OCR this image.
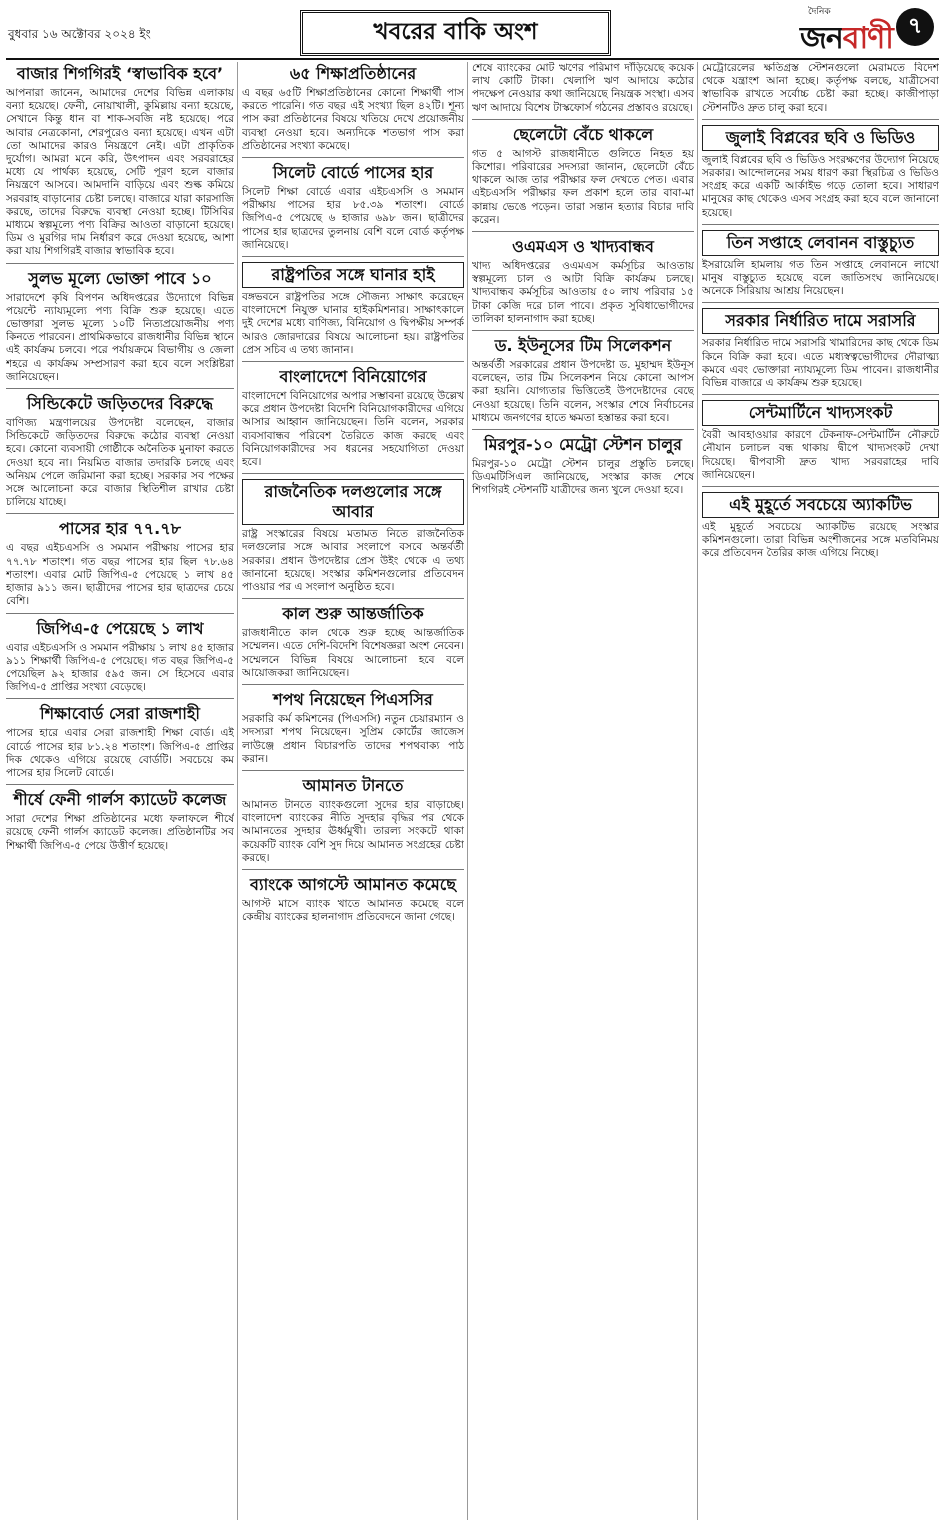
বুধবার ১৬ অক্টোবর ২০২৪ ইং	খবরের বাকি অংশ
দৈনিক
জনবাণী ৭
বাজার শিগগিরই ‘স্বাভাবিক হবে’

আপনারা জানেন, আমাদের দেশের বিভিন্ন এলাকায় বন্যা হয়েছে। ফেনী, নোয়াখালী, কুমিল্লায় বন্যা হয়েছে, সেখানে কিন্তু ধান বা শাক-সবজি নষ্ট হয়েছে। পরে আবার নেত্রকোনা, শেরপুরেও বন্যা হয়েছে। এখন এটা তো আমাদের কারও নিয়ন্ত্রণে নেই। এটা প্রাকৃতিক দুর্যোগ। আমরা মনে করি, উৎপাদন এবং সরবরাহের মধ্যে যে পার্থক্য হয়েছে, সেটি পূরণ হলে বাজার নিয়ন্ত্রণে আসবে। আমদানি বাড়িয়ে এবং শুল্ক কমিয়ে সরবরাহ বাড়ানোর চেষ্টা চলছে। বাজারে যারা কারসাজি করছে, তাদের বিরুদ্ধে ব্যবস্থা নেওয়া হচ্ছে। টিসিবির মাধ্যমে স্বল্পমূল্যে পণ্য বিক্রির আওতা বাড়ানো হয়েছে। ডিম ও মুরগির দাম নির্ধারণ করে দেওয়া হয়েছে, আশা করা যায় শিগগিরই বাজার স্বাভাবিক হবে।

সুলভ মূল্যে ভোক্তা পাবে ১০

সারাদেশে কৃষি বিপণন অধিদপ্তরের উদ্যোগে বিভিন্ন পয়েন্টে ন্যায্যমূল্যে পণ্য বিক্রি শুরু হয়েছে। এতে ভোক্তারা সুলভ মূল্যে ১০টি নিত্যপ্রয়োজনীয় পণ্য কিনতে পারবেন। প্রাথমিকভাবে রাজধানীর বিভিন্ন স্থানে এই কার্যক্রম চলবে। পরে পর্যায়ক্রমে বিভাগীয় ও জেলা শহরে এ কার্যক্রম সম্প্রসারণ করা হবে বলে সংশ্লিষ্টরা জানিয়েছেন।

সিন্ডিকেটে জড়িতদের বিরুদ্ধে

বাণিজ্য মন্ত্রণালয়ের উপদেষ্টা বলেছেন, বাজার সিন্ডিকেটে জড়িতদের বিরুদ্ধে কঠোর ব্যবস্থা নেওয়া হবে। কোনো ব্যবসায়ী গোষ্ঠীকে অনৈতিক মুনাফা করতে দেওয়া হবে না। নিয়মিত বাজার তদারকি চলছে এবং অনিয়ম পেলে জরিমানা করা হচ্ছে। সরকার সব পক্ষের সঙ্গে আলোচনা করে বাজার স্থিতিশীল রাখার চেষ্টা চালিয়ে যাচ্ছে।

পাসের হার ৭৭.৭৮

এ বছর এইচএসসি ও সমমান পরীক্ষায় পাসের হার ৭৭.৭৮ শতাংশ। গত বছর পাসের হার ছিল ৭৮.৬৪ শতাংশ। এবার মোট জিপিএ-৫ পেয়েছে ১ লাখ ৪৫ হাজার ৯১১ জন। ছাত্রীদের পাসের হার ছাত্রদের চেয়ে বেশি।

জিপিএ-৫ পেয়েছে ১ লাখ

এবার এইচএসসি ও সমমান পরীক্ষায় ১ লাখ ৪৫ হাজার ৯১১ শিক্ষার্থী জিপিএ-৫ পেয়েছে। গত বছর জিপিএ-৫ পেয়েছিল ৯২ হাজার ৫৯৫ জন। সে হিসেবে এবার জিপিএ-৫ প্রাপ্তির সংখ্যা বেড়েছে।

শিক্ষাবোর্ড সেরা রাজশাহী

পাসের হারে এবার সেরা রাজশাহী শিক্ষা বোর্ড। এই বোর্ডে পাসের হার ৮১.২৪ শতাংশ। জিপিএ-৫ প্রাপ্তির দিক থেকেও এগিয়ে রয়েছে বোর্ডটি। সবচেয়ে কম পাসের হার সিলেট বোর্ডে।

শীর্ষে ফেনী গার্লস ক্যাডেট কলেজ

সারা দেশের শিক্ষা প্রতিষ্ঠানের মধ্যে ফলাফলে শীর্ষে রয়েছে ফেনী গার্লস ক্যাডেট কলেজ। প্রতিষ্ঠানটির সব শিক্ষার্থী জিপিএ-৫ পেয়ে উত্তীর্ণ হয়েছে।

৬৫ শিক্ষাপ্রতিষ্ঠানের

এ বছর ৬৫টি শিক্ষাপ্রতিষ্ঠানের কোনো শিক্ষার্থী পাস করতে পারেনি। গত বছর এই সংখ্যা ছিল ৪২টি। শূন্য পাস করা প্রতিষ্ঠানের বিষয়ে খতিয়ে দেখে প্রয়োজনীয় ব্যবস্থা নেওয়া হবে। অন্যদিকে শতভাগ পাস করা প্রতিষ্ঠানের সংখ্যা কমেছে।

সিলেট বোর্ডে পাসের হার

সিলেট শিক্ষা বোর্ডে এবার এইচএসসি ও সমমান পরীক্ষায় পাসের হার ৮৫.৩৯ শতাংশ। বোর্ডে জিপিএ-৫ পেয়েছে ৬ হাজার ৬৯৮ জন। ছাত্রীদের পাসের হার ছাত্রদের তুলনায় বেশি বলে বোর্ড কর্তৃপক্ষ জানিয়েছে।

রাষ্ট্রপতির সঙ্গে ঘানার হাই

বঙ্গভবনে রাষ্ট্রপতির সঙ্গে সৌজন্য সাক্ষাৎ করেছেন বাংলাদেশে নিযুক্ত ঘানার হাইকমিশনার। সাক্ষাৎকালে দুই দেশের মধ্যে বাণিজ্য, বিনিয়োগ ও দ্বিপক্ষীয় সম্পর্ক আরও জোরদারের বিষয়ে আলোচনা হয়। রাষ্ট্রপতির প্রেস সচিব এ তথ্য জানান।

বাংলাদেশে বিনিয়োগের

বাংলাদেশে বিনিয়োগের অপার সম্ভাবনা রয়েছে উল্লেখ করে প্রধান উপদেষ্টা বিদেশি বিনিয়োগকারীদের এগিয়ে আসার আহ্বান জানিয়েছেন। তিনি বলেন, সরকার ব্যবসাবান্ধব পরিবেশ তৈরিতে কাজ করছে এবং বিনিয়োগকারীদের সব ধরনের সহযোগিতা দেওয়া হবে।

রাজনৈতিক দলগুলোর সঙ্গে আবার

রাষ্ট্র সংস্কারের বিষয়ে মতামত নিতে রাজনৈতিক দলগুলোর সঙ্গে আবার সংলাপে বসবে অন্তর্বর্তী সরকার। প্রধান উপদেষ্টার প্রেস উইং থেকে এ তথ্য জানানো হয়েছে। সংস্কার কমিশনগুলোর প্রতিবেদন পাওয়ার পর এ সংলাপ অনুষ্ঠিত হবে।

কাল শুরু আন্তর্জাতিক

রাজধানীতে কাল থেকে শুরু হচ্ছে আন্তর্জাতিক সম্মেলন। এতে দেশি-বিদেশি বিশেষজ্ঞরা অংশ নেবেন। সম্মেলনে বিভিন্ন বিষয়ে আলোচনা হবে বলে আয়োজকরা জানিয়েছেন।

শপথ নিয়েছেন পিএসসির

সরকারি কর্ম কমিশনের (পিএসসি) নতুন চেয়ারম্যান ও সদস্যরা শপথ নিয়েছেন। সুপ্রিম কোর্টের জাজেস লাউঞ্জে প্রধান বিচারপতি তাদের শপথবাক্য পাঠ করান।

আমানত টানতে

আমানত টানতে ব্যাংকগুলো সুদের হার বাড়াচ্ছে। বাংলাদেশ ব্যাংকের নীতি সুদহার বৃদ্ধির পর থেকে আমানতের সুদহার ঊর্ধ্বমুখী। তারল্য সংকটে থাকা কয়েকটি ব্যাংক বেশি সুদ দিয়ে আমানত সংগ্রহের চেষ্টা করছে।

ব্যাংকে আগস্টে আমানত কমেছে

আগস্ট মাসে ব্যাংক খাতে আমানত কমেছে বলে কেন্দ্রীয় ব্যাংকের হালনাগাদ প্রতিবেদনে জানা গেছে।

শেষে ব্যাংকের মোট ঋণের পরিমাণ দাঁড়িয়েছে কয়েক লাখ কোটি টাকা। খেলাপি ঋণ আদায়ে কঠোর পদক্ষেপ নেওয়ার কথা জানিয়েছে নিয়ন্ত্রক সংস্থা। এসব ঋণ আদায়ে বিশেষ টাস্কফোর্স গঠনের প্রস্তাবও রয়েছে।

ছেলেটো বেঁচে থাকলে

গত ৫ আগস্ট রাজধানীতে গুলিতে নিহত হয় কিশোর। পরিবারের সদস্যরা জানান, ছেলেটো বেঁচে থাকলে আজ তার পরীক্ষার ফল দেখতে পেত। এবার এইচএসসি পরীক্ষার ফল প্রকাশ হলে তার বাবা-মা কান্নায় ভেঙে পড়েন। তারা সন্তান হত্যার বিচার দাবি করেন।

ওএমএস ও খাদ্যবান্ধব

খাদ্য অধিদপ্তরের ওএমএস কর্মসূচির আওতায় স্বল্পমূল্যে চাল ও আটা বিক্রি কার্যক্রম চলছে। খাদ্যবান্ধব কর্মসূচির আওতায় ৫০ লাখ পরিবার ১৫ টাকা কেজি দরে চাল পাবে। প্রকৃত সুবিধাভোগীদের তালিকা হালনাগাদ করা হচ্ছে।

ড. ইউনূসের টিম সিলেকশন

অন্তর্বর্তী সরকারের প্রধান উপদেষ্টা ড. মুহাম্মদ ইউনূস বলেছেন, তার টিম সিলেকশন নিয়ে কোনো আপস করা হয়নি। যোগ্যতার ভিত্তিতেই উপদেষ্টাদের বেছে নেওয়া হয়েছে। তিনি বলেন, সংস্কার শেষে নির্বাচনের মাধ্যমে জনগণের হাতে ক্ষমতা হস্তান্তর করা হবে।

মিরপুর-১০ মেট্রো স্টেশন চালুর

মিরপুর-১০ মেট্রো স্টেশন চালুর প্রস্তুতি চলছে। ডিএমটিসিএল জানিয়েছে, সংস্কার কাজ শেষে শিগগিরই স্টেশনটি যাত্রীদের জন্য খুলে দেওয়া হবে।

মেট্রোরেলের ক্ষতিগ্রস্ত স্টেশনগুলো মেরামতে বিদেশ থেকে যন্ত্রাংশ আনা হচ্ছে। কর্তৃপক্ষ বলছে, যাত্রীসেবা স্বাভাবিক রাখতে সর্বোচ্চ চেষ্টা করা হচ্ছে। কাজীপাড়া স্টেশনটিও দ্রুত চালু করা হবে।

জুলাই বিপ্লবের ছবি ও ভিডিও

জুলাই বিপ্লবের ছবি ও ভিডিও সংরক্ষণের উদ্যোগ নিয়েছে সরকার। আন্দোলনের সময় ধারণ করা স্থিরচিত্র ও ভিডিও সংগ্রহ করে একটি আর্কাইভ গড়ে তোলা হবে। সাধারণ মানুষের কাছ থেকেও এসব সংগ্রহ করা হবে বলে জানানো হয়েছে।

তিন সপ্তাহে লেবানন বাস্তুচ্যুত

ইসরায়েলি হামলায় গত তিন সপ্তাহে লেবাননে লাখো মানুষ বাস্তুচ্যুত হয়েছে বলে জাতিসংঘ জানিয়েছে। অনেকে সিরিয়ায় আশ্রয় নিয়েছেন।

সরকার নির্ধারিত দামে সরাসরি

সরকার নির্ধারিত দামে সরাসরি খামারিদের কাছ থেকে ডিম কিনে বিক্রি করা হবে। এতে মধ্যস্বত্বভোগীদের দৌরাত্ম্য কমবে এবং ভোক্তারা ন্যায্যমূল্যে ডিম পাবেন। রাজধানীর বিভিন্ন বাজারে এ কার্যক্রম শুরু হয়েছে।

সেন্টমার্টিনে খাদ্যসংকট

বৈরী আবহাওয়ার কারণে টেকনাফ-সেন্টমার্টিন নৌরুটে নৌযান চলাচল বন্ধ থাকায় দ্বীপে খাদ্যসংকট দেখা দিয়েছে। দ্বীপবাসী দ্রুত খাদ্য সরবরাহের দাবি জানিয়েছেন।

এই মুহূর্তে সবচেয়ে অ্যাকটিভ

এই মুহূর্তে সবচেয়ে অ্যাকটিভ রয়েছে সংস্কার কমিশনগুলো। তারা বিভিন্ন অংশীজনের সঙ্গে মতবিনিময় করে প্রতিবেদন তৈরির কাজ এগিয়ে নিচ্ছে।
